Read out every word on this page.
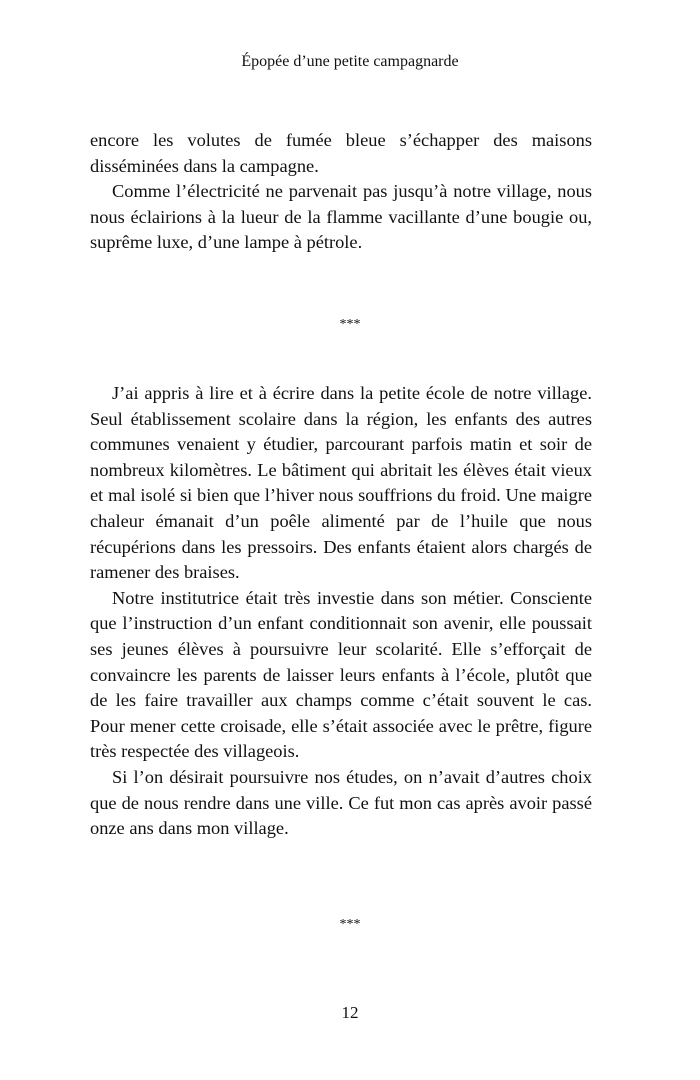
Épopée d’une petite campagnarde

encore les volutes de fumée bleue s’échapper des maisons disséminées dans la campagne.

Comme l’électricité ne parvenait pas jusqu’à notre village, nous nous éclairions à la lueur de la flamme vacillante d’une bougie ou, suprême luxe, d’une lampe à pétrole.

***

J’ai appris à lire et à écrire dans la petite école de notre village. Seul établissement scolaire dans la région, les enfants des autres communes venaient y étudier, parcourant parfois matin et soir de nombreux kilomètres. Le bâtiment qui abritait les élèves était vieux et mal isolé si bien que l’hiver nous souffrions du froid. Une maigre chaleur émanait d’un poêle alimenté par de l’huile que nous récupérions dans les pressoirs. Des enfants étaient alors chargés de ramener des braises.

Notre institutrice était très investie dans son métier. Consciente que l’instruction d’un enfant conditionnait son avenir, elle poussait ses jeunes élèves à poursuivre leur scolarité. Elle s’efforçait de convaincre les parents de laisser leurs enfants à l’école, plutôt que de les faire travailler aux champs comme c’était souvent le cas. Pour mener cette croisade, elle s’était associée avec le prêtre, figure très respectée des villageois.

Si l’on désirait poursuivre nos études, on n’avait d’autres choix que de nous rendre dans une ville. Ce fut mon cas après avoir passé onze ans dans mon village.

***
12
